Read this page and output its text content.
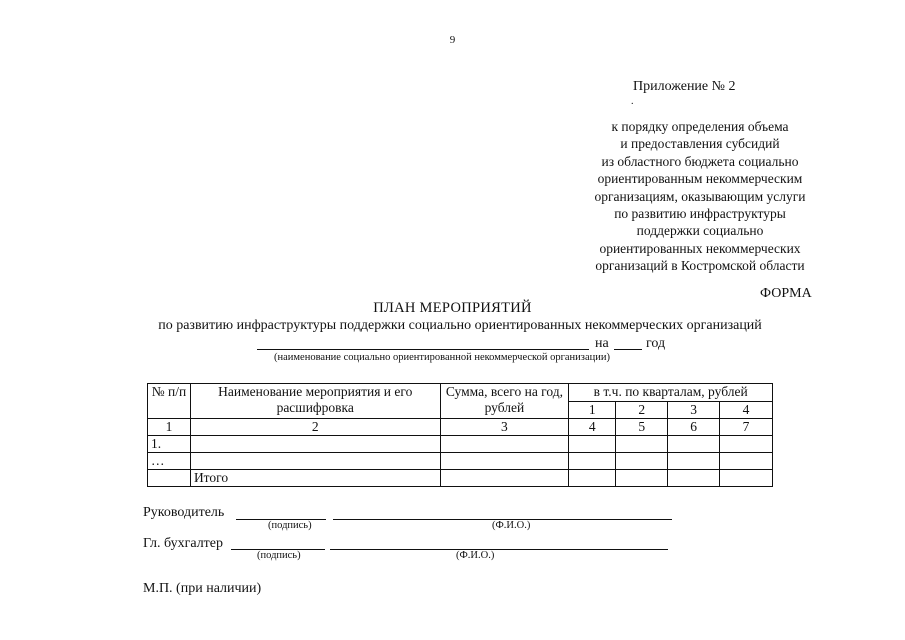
9
Приложение № 2
.
к порядку определения объема
и предоставления субсидий
из областного бюджета социально
ориентированным некоммерческим
организациям, оказывающим услуги
по развитию инфраструктуры
поддержки социально
ориентированных некоммерческих
организаций в Костромской области
ФОРМА
ПЛАН МЕРОПРИЯТИЙ
по развитию инфраструктуры поддержки социально ориентированных некоммерческих организаций
на	год
(наименование социально ориентированной некоммерческой организации)
№ п/п	Наименование мероприятия и его расшифровка	Сумма, всего на год, рублей	в т.ч. по кварталам, рублей			
			1	2	3	4
1	2	3	4	5	6	7
1.						
…						
	Итого					
Руководитель
(подпись)	(Ф.И.О.)
Гл. бухгалтер
(подпись)	(Ф.И.О.)
М.П. (при наличии)
